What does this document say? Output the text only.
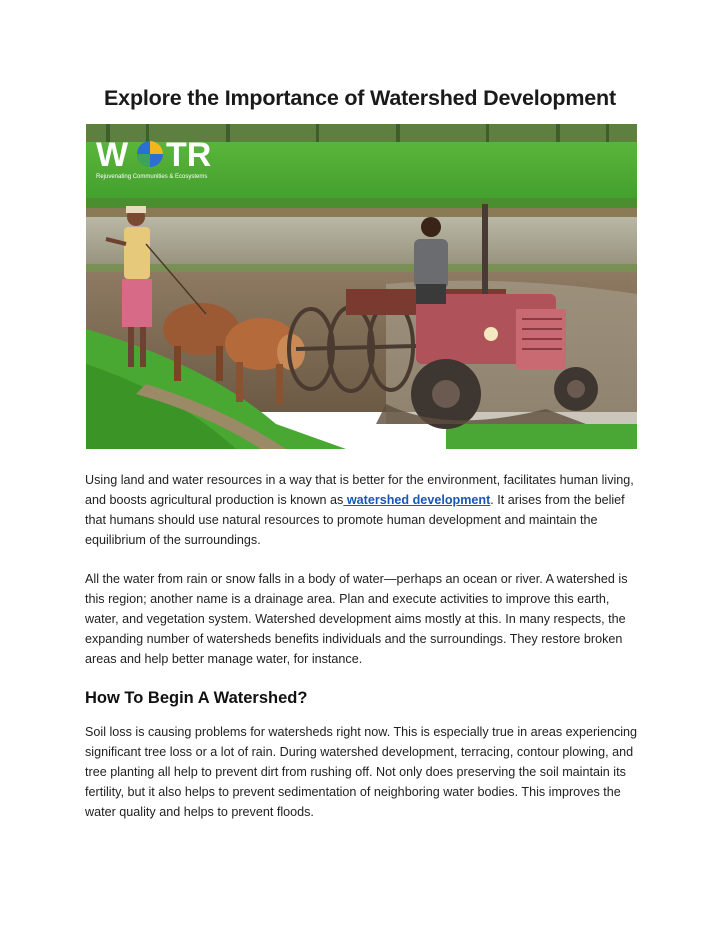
Explore the Importance of Watershed Development
W TR
Rejuvenating Communities & Ecosystems

Using land and water resources in a way that is better for the environment, facilitates human living, and boosts agricultural production is known as watershed development. It arises from the belief that humans should use natural resources to promote human development and maintain the equilibrium of the surroundings.

All the water from rain or snow falls in a body of water—perhaps an ocean or river. A watershed is this region; another name is a drainage area. Plan and execute activities to improve this earth, water, and vegetation system. Watershed development aims mostly at this. In many respects, the expanding number of watersheds benefits individuals and the surroundings. They restore broken areas and help better manage water, for instance.

How To Begin A Watershed?

Soil loss is causing problems for watersheds right now. This is especially true in areas experiencing significant tree loss or a lot of rain. During watershed development, terracing, contour plowing, and tree planting all help to prevent dirt from rushing off. Not only does preserving the soil maintain its fertility, but it also helps to prevent sedimentation of neighboring water bodies. This improves the water quality and helps to prevent floods.
